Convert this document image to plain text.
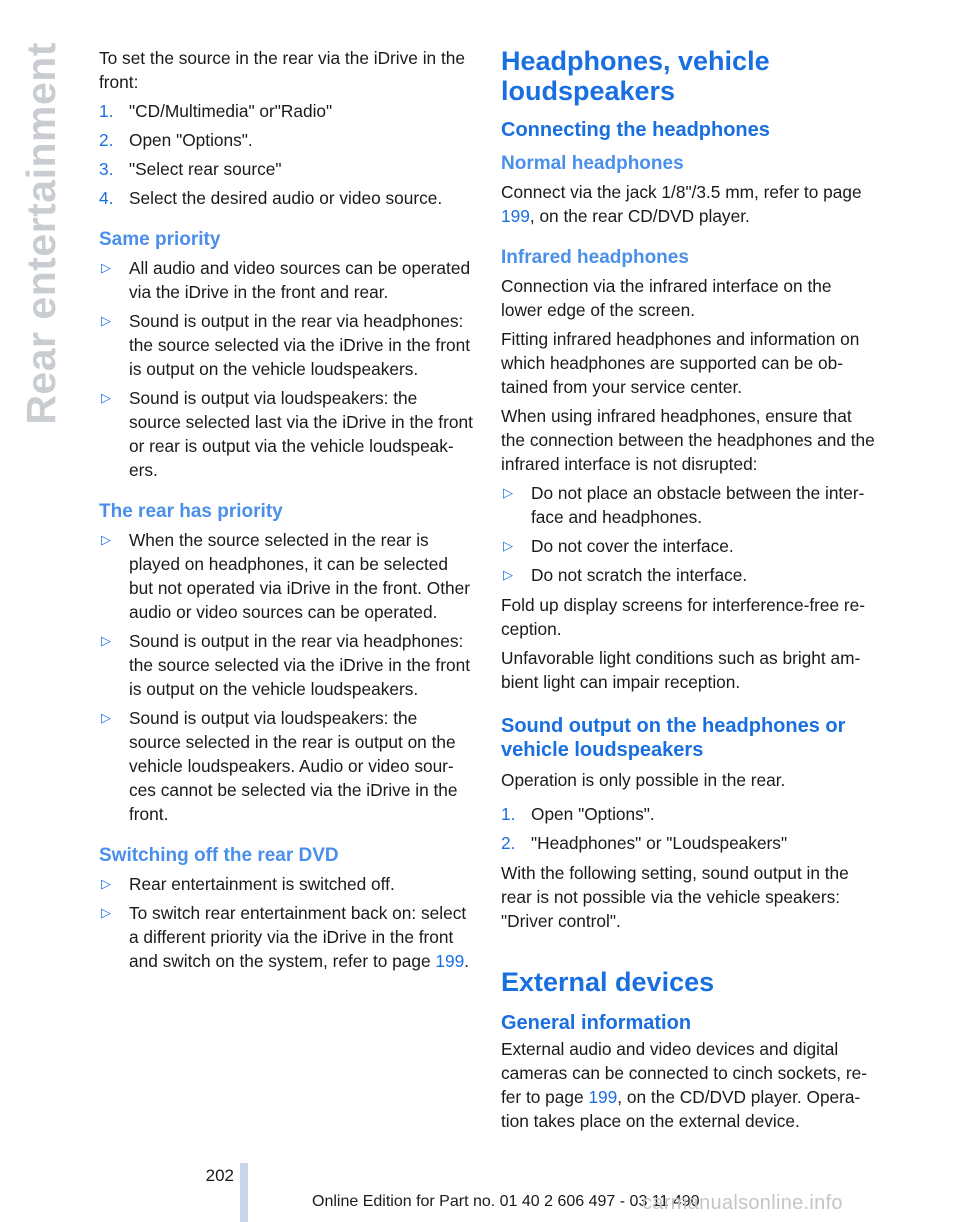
Rear entertainment To set the source in the rear via the iDrive in the front:

1. "CD/Multimedia" or"Radio"
2. Open "Options".
3. "Select rear source"
4. Select the desired audio or video source.
Same priority
▷ All audio and video sources can be operated via the iDrive in the front and rear.
▷ Sound is output in the rear via headphones: the source selected via the iDrive in the front is output on the vehicle loudspeakers.
▷ Sound is output via loudspeakers: the source selected last via the iDrive in the front or rear is output via the vehicle loudspeak-ers.
The rear has priority
▷ When the source selected in the rear is played on headphones, it can be selected but not operated via iDrive in the front. Other audio or video sources can be operated.
▷ Sound is output in the rear via headphones: the source selected via the iDrive in the front is output on the vehicle loudspeakers.
▷ Sound is output via loudspeakers: the source selected in the rear is output on the vehicle loudspeakers. Audio or video sour-ces cannot be selected via the iDrive in the front.
Switching off the rear DVD
▷ Rear entertainment is switched off.
▷ To switch rear entertainment back on: select a different priority via the iDrive in the front and switch on the system, refer to page 199.
Headphones, vehicle loudspeakers
Connecting the headphones
Normal headphones

Connect via the jack 1/8"/3.5 mm, refer to page 199, on the rear CD/DVD player.

Infrared headphones

Connection via the infrared interface on the lower edge of the screen.

Fitting infrared headphones and information on which headphones are supported can be ob-tained from your service center.

When using infrared headphones, ensure that the connection between the headphones and the infrared interface is not disrupted:

▷ Do not place an obstacle between the inter-face and headphones.
▷ Do not cover the interface.
▷ Do not scratch the interface.

Fold up display screens for interference-free re-ception.

Unfavorable light conditions such as bright am-bient light can impair reception.

Sound output on the headphones or vehicle loudspeakers

Operation is only possible in the rear.

1. Open "Options".
2. "Headphones" or "Loudspeakers"

With the following setting, sound output in the rear is not possible via the vehicle speakers: "Driver control".

External devices
General information

External audio and video devices and digital cameras can be connected to cinch sockets, re-fer to page 199, on the CD/DVD player. Opera-tion takes place on the external device.

202
Online Edition for Part no. 01 40 2 606 497 - 03 11 490
carmanualsonline.info
